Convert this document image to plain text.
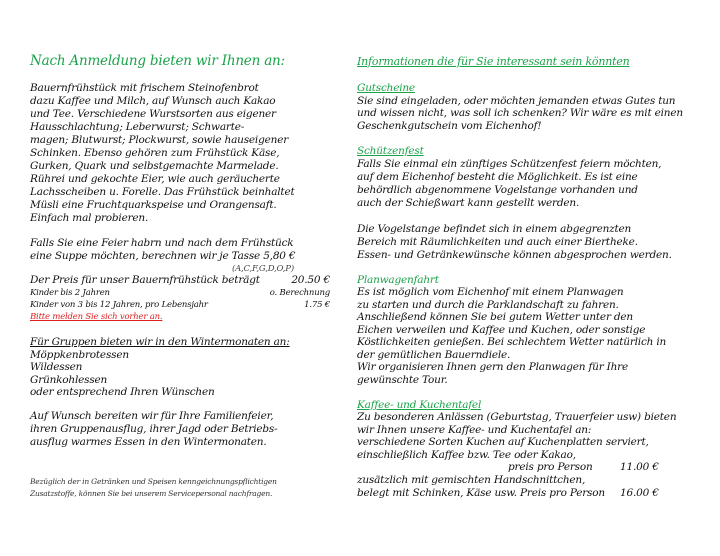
Nach Anmeldung bieten wir Ihnen an:
Bauernfrühstück mit frischem Steinofenbrot
dazu Kaffee und Milch, auf Wunsch auch Kakao
und Tee. Verschiedene Wurstsorten aus eigener
Hausschlachtung; Leberwurst; Schwarte-
magen; Blutwurst; Plockwurst, sowie hauseigener
Schinken. Ebenso gehören zum Frühstück Käse,
Gurken, Quark und selbstgemachte Marmelade.
Rührei und gekochte Eier, wie auch geräucherte
Lachsscheiben u. Forelle. Das Frühstück beinhaltet
Müsli eine Fruchtquarkspeise und Orangensaft.
Einfach mal probieren.
Falls Sie eine Feier habrn und nach dem Frühstück
eine Suppe möchten, berechnen wir je Tasse 5,80 €
(A,C,F,G,D,O,P)
Der Preis für unser Bauernfrühstück beträgt	20.50 €
Kinder bis 2 Jahren	o. Berechnung
Kinder von 3 bis 12 Jahren, pro Lebensjahr	1.75 €
Bitte melden Sie sich vorher an.
Für Gruppen bieten wir in den Wintermonaten an:
Möppkenbrotessen
Wildessen
Grünkohlessen
oder entsprechend Ihren Wünschen
Auf Wunsch bereiten wir für Ihre Familienfeier,
ihren Gruppenausflug, ihrer Jagd oder Betriebs-
ausflug warmes Essen in den Wintermonaten.
Bezüglich der in Getränken und Speisen kenngeichnungspflichtigen
Zusatzstoffe, können Sie bei unserem Servicepersonal nachfragen.
Informationen die für Sie interessant sein könnten
Gutscheine
Sie sind eingeladen, oder möchten jemanden etwas Gutes tun
und wissen nicht, was soll ich schenken? Wir wäre es mit einen
Geschenkgutschein vom Eichenhof!
Schützenfest
Falls Sie einmal ein zünftiges Schützenfest feiern möchten,
auf dem Eichenhof besteht die Möglichkeit. Es ist eine
behördlich abgenommene Vogelstange vorhanden und
auch der Schießwart kann gestellt werden.
Die Vogelstange befindet sich in einem abgegrenzten
Bereich mit Räumlichkeiten und auch einer Biertheke.
Essen- und Getränkewünsche können abgesprochen werden.
Planwagenfahrt
Es ist möglich vom Eichenhof mit einem Planwagen
zu starten und durch die Parklandschaft zu fahren.
Anschließend können Sie bei gutem Wetter unter den
Eichen verweilen und Kaffee und Kuchen, oder sonstige
Köstlichkeiten genießen. Bei schlechtem Wetter natürlich in
der gemütlichen Bauerndiele.
Wir organisieren Ihnen gern den Planwagen für Ihre
gewünschte Tour.
Kaffee- und Kuchentafel
Zu besonderen Anlässen (Geburtstag, Trauerfeier usw) bieten
wir Ihnen unsere Kaffee- und Kuchentafel an:
verschiedene Sorten Kuchen auf Kuchenplatten serviert,
einschließlich Kaffee bzw. Tee oder Kakao,
preis pro Person	11.00 €
zusätzlich mit gemischten Handschnittchen,
belegt mit Schinken, Käse usw. Preis pro Person 16.00 €
